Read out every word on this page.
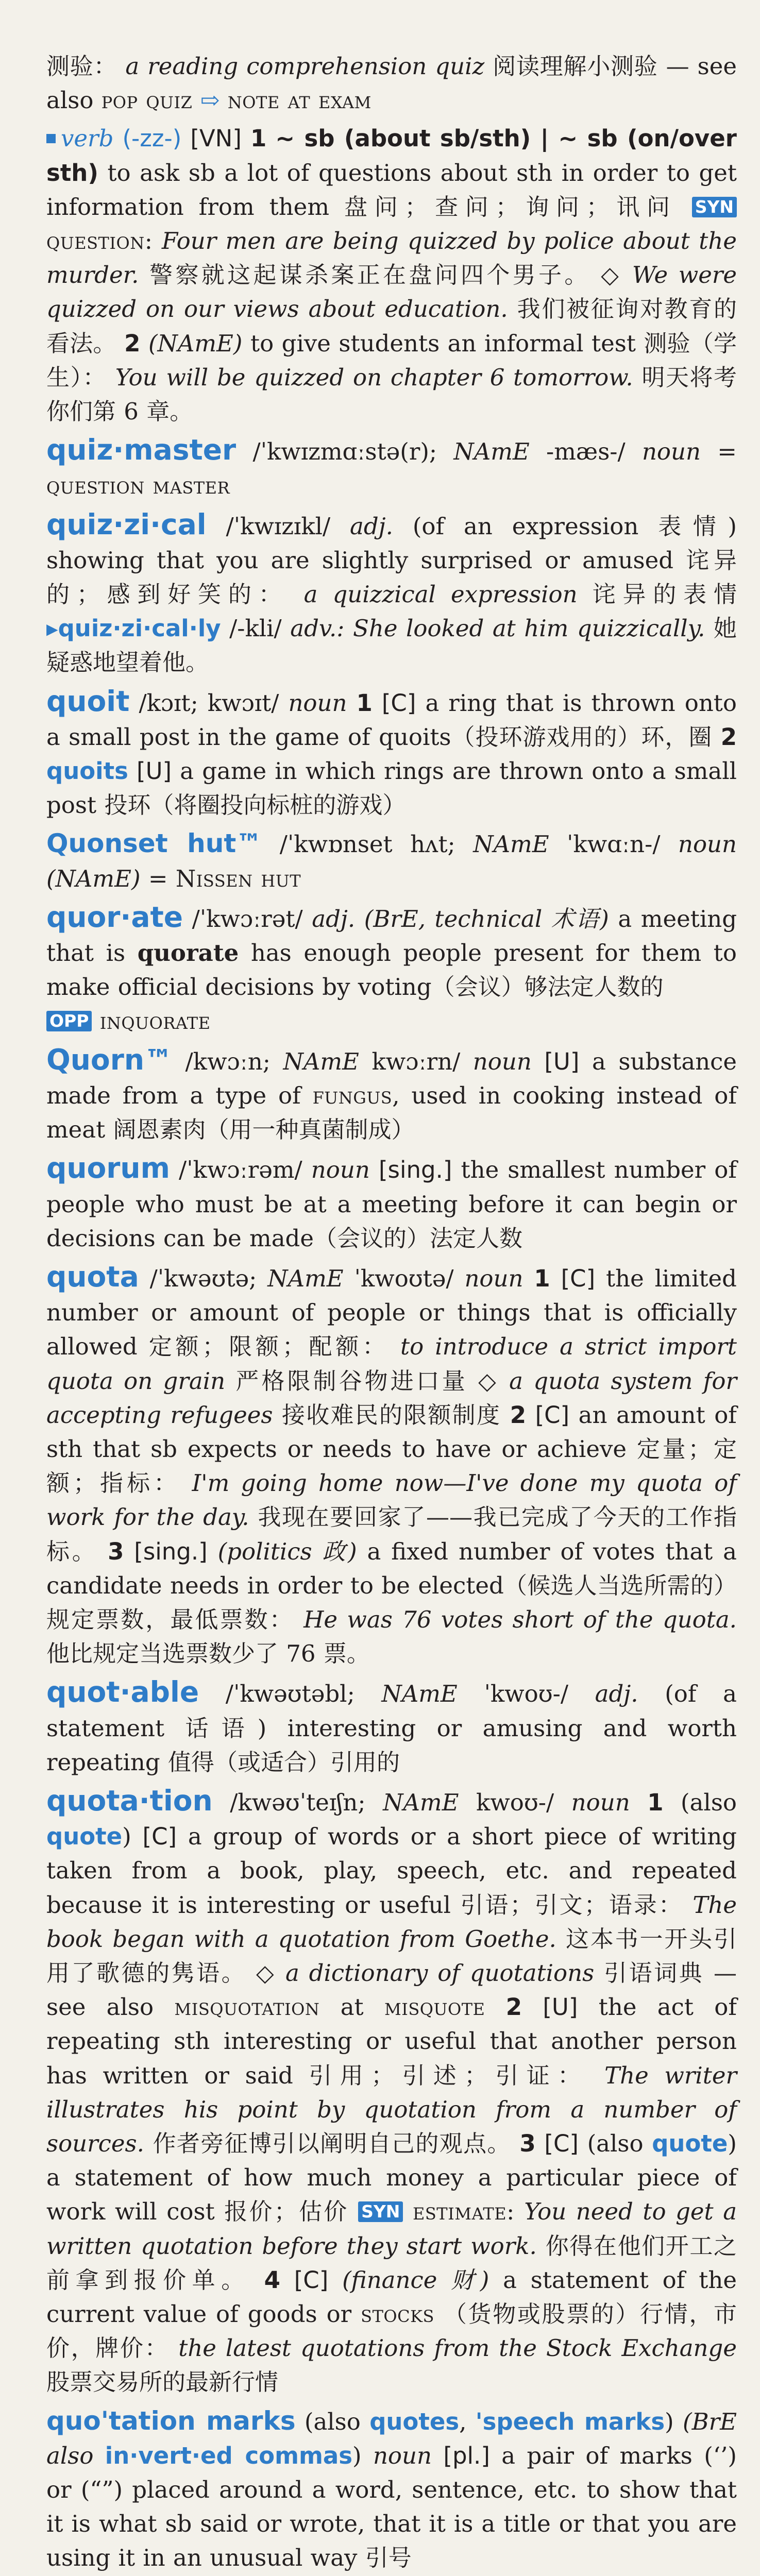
测验： a reading comprehension quiz 阅读理解小测验 — see also pop quiz ⇨ note at exam
verb (-zz-) [VN] 1 ~ sb (about sb/sth) | ~ sb (on/over sth) to ask sb a lot of questions about sth in order to get information from them 盘问；查问；询问；讯问 SYN question: Four men are being quizzed by police about the murder. 警察就这起谋杀案正在盘问四个男子。 ◇ We were quizzed on our views about education. 我们被征询对教育的看法。 2 (NAmE) to give students an informal test 测验（学生）： You will be quizzed on chapter 6 tomorrow. 明天将考你们第 6 章。
quiz·master /ˈkwɪzmɑːstə(r); NAmE -mæs-/ noun = question master
quiz·zi·cal /ˈkwɪzɪkl/ adj. (of an expression 表情) showing that you are slightly surprised or amused 诧异的；感到好笑的： a quizzical expression 诧异的表情 ▸quiz·zi·cal·ly /-kli/ adv.: She looked at him quizzically. 她疑惑地望着他。
quoit /kɔɪt; kwɔɪt/ noun 1 [C] a ring that is thrown onto a small post in the game of quoits（投环游戏用的）环，圈 2 quoits [U] a game in which rings are thrown onto a small post 投环（将圈投向标桩的游戏）
Quonset hut™ /ˈkwɒnset hʌt; NAmE ˈkwɑːn-/ noun (NAmE) = Nissen hut
quor·ate /ˈkwɔːrət/ adj. (BrE, technical 术语) a meeting that is quorate has enough people present for them to make official decisions by voting（会议）够法定人数的
OPP inquorate
Quorn™ /kwɔːn; NAmE kwɔːrn/ noun [U] a substance made from a type of fungus, used in cooking instead of meat 阔恩素肉（用一种真菌制成）
quorum /ˈkwɔːrəm/ noun [sing.] the smallest number of people who must be at a meeting before it can begin or decisions can be made（会议的）法定人数
quota /ˈkwəʊtə; NAmE ˈkwoʊtə/ noun 1 [C] the limited number or amount of people or things that is officially allowed 定额；限额；配额： to introduce a strict import quota on grain 严格限制谷物进口量 ◇ a quota system for accepting refugees 接收难民的限额制度 2 [C] an amount of sth that sb expects or needs to have or achieve 定量；定额；指标： I'm going home now—I've done my quota of work for the day. 我现在要回家了——我已完成了今天的工作指标。 3 [sing.] (politics 政) a fixed number of votes that a candidate needs in order to be elected（候选人当选所需的）规定票数，最低票数： He was 76 votes short of the quota. 他比规定当选票数少了 76 票。
quot·able /ˈkwəʊtəbl; NAmE ˈkwoʊ-/ adj. (of a statement 话语) interesting or amusing and worth repeating 值得（或适合）引用的
quota·tion /kwəʊˈteɪʃn; NAmE kwoʊ-/ noun 1 (also quote) [C] a group of words or a short piece of writing taken from a book, play, speech, etc. and repeated because it is interesting or useful 引语；引文；语录： The book began with a quotation from Goethe. 这本书一开头引用了歌德的隽语。 ◇ a dictionary of quotations 引语词典 — see also misquotation at misquote 2 [U] the act of repeating sth interesting or useful that another person has written or said 引用；引述；引证： The writer illustrates his point by quotation from a number of sources. 作者旁征博引以阐明自己的观点。 3 [C] (also quote) a statement of how much money a particular piece of work will cost 报价；估价 SYN estimate: You need to get a written quotation before they start work. 你得在他们开工之前拿到报价单。 4 [C] (finance 财) a statement of the current value of goods or stocks （货物或股票的）行情，市价，牌价： the latest quotations from the Stock Exchange 股票交易所的最新行情
quo'tation marks (also quotes, 'speech marks) (BrE also in·vert·ed commas) noun [pl.] a pair of marks (‘’) or (“”) placed around a word, sentence, etc. to show that it is what sb said or wrote, that it is a title or that you are using it in an unusual way 引号
